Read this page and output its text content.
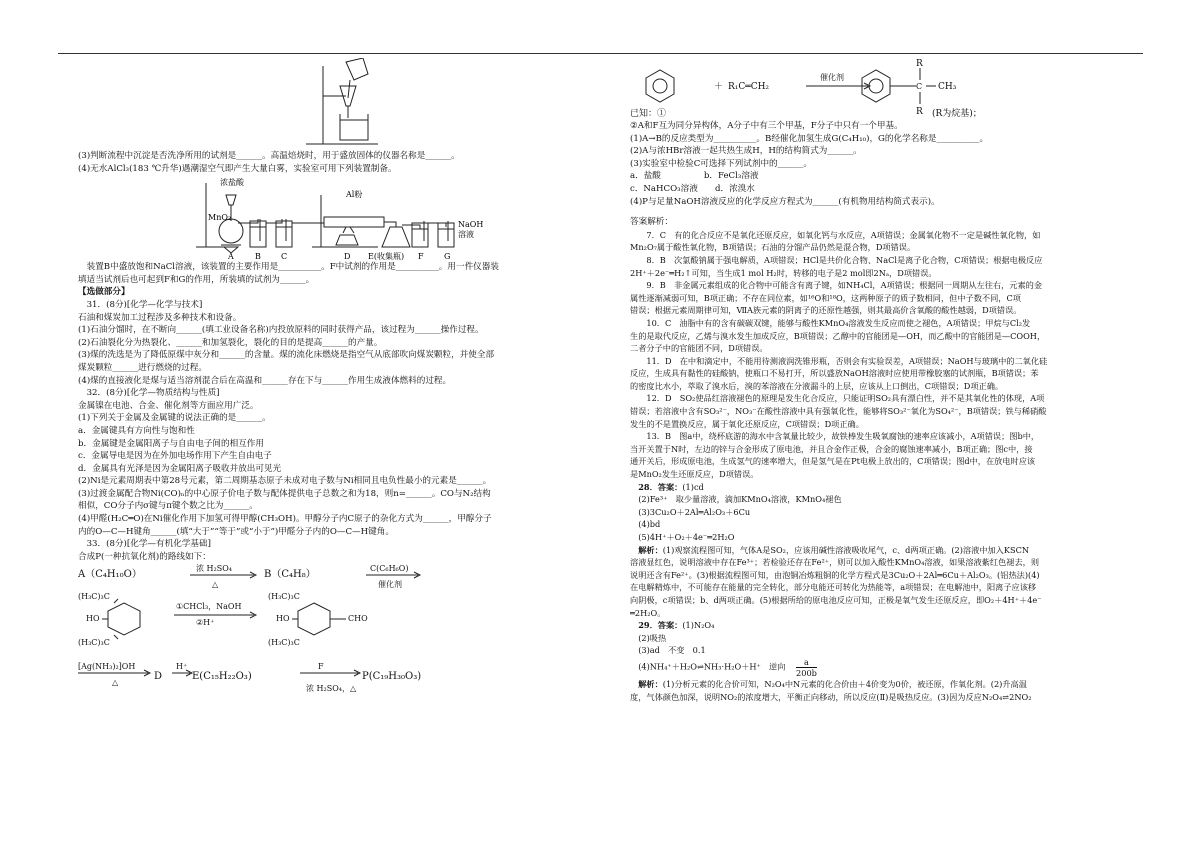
(3)判断流程中沉淀是否洗净所用的试剂是______。高温焙烧时，用于盛放固体的仪器名称是______。
(4)无水AlCl₃(183 ℃升华)遇潮湿空气即产生大量白雾，实验室可用下列装置制备。
浓盐酸
MnO₂
Al粉
NaOH
溶液
A	B	C	D E(收集瓶) F	G
装置B中盛放饱和NaCl溶液，该装置的主要作用是__________。F中试剂的作用是__________。用一件仪器装
填适当试剂后也可起到F和G的作用，所装填的试剂为______。
【选做部分】
31．(8分)[化学—化学与技术]
石油和煤炭加工过程涉及多种技术和设备。
(1)石油分馏时，在不断向______(填工业设备名称)内投放原料的同时获得产品，该过程为______操作过程。
(2)石油裂化分为热裂化、______和加氢裂化，裂化的目的是提高______的产量。
(3)煤的洗选是为了降低原煤中灰分和______的含量。煤的流化床燃烧是指空气从底部吹向煤炭颗粒，并使全部
煤炭颗粒______进行燃烧的过程。
(4)煤的直接液化是煤与适当溶剂混合后在高温和______存在下与______作用生成液体燃料的过程。
32．(8分)[化学—物质结构与性质]
金属镍在电池、合金、催化剂等方面应用广泛。
(1)下列关于金属及金属键的说法正确的是______。
a．金属键具有方向性与饱和性
b．金属键是金属阳离子与自由电子间的相互作用
c．金属导电是因为在外加电场作用下产生自由电子
d．金属具有光泽是因为金属阳离子吸收并放出可见光
(2)Ni是元素周期表中第28号元素，第二周期基态原子未成对电子数与Ni相同且电负性最小的元素是______。
(3)过渡金属配合物Ni(CO)ₙ的中心原子价电子数与配体提供电子总数之和为18，则n=______。CO与N₂结构
相似，CO分子内σ键与π键个数之比为______。
(4)甲醛(H₂C═O)在Ni催化作用下加氢可得甲醇(CH₃OH)。甲醇分子内C原子的杂化方式为______，甲醇分子
内的O—C—H键角______(填“大于”“等于”或“小于”)甲醛分子内的O—C—H键角。
33．(8分)[化学—有机化学基础]
合成P(一种抗氧化剂)的路线如下：
A（C₄H₁₀O）
浓 H₂SO₄
△
B（C₄H₈）
C(C₆H₆O)
催化剂
(H₃C)₃C
HO
(H₃C)₃C
①CHCl₃，NaOH
②H⁺
(H₃C)₃C
HO
(H₃C)₃C
CHO
[Ag(NH₃)₂]OH
△
D
H⁺
E(C₁₅H₂₂O₃)
F
浓 H₂SO₄，△
P(C₁₉H₃₀O₃)
＋ R₁C═CH₂
催化剂
R
C
R
CH₃
已知：①	(R为烷基)；
②A和F互为同分异构体，A分子中有三个甲基，F分子中只有一个甲基。
(1)A→B的反应类型为__________。B经催化加氢生成G(C₄H₁₀)，G的化学名称是__________。
(2)A与浓HBr溶液一起共热生成H，H的结构简式为______。
(3)实验室中检验C可选择下列试剂中的______。
a．盐酸　　　　　b．FeCl₃溶液
c．NaHCO₃溶液　　d．浓溴水
(4)P与足量NaOH溶液反应的化学反应方程式为______(有机物用结构简式表示)。
答案解析：
　　7．C　有的化合反应不是氧化还原反应，如氧化钙与水反应，A项错误；金属氧化物不一定是碱性氧化物，如
Mn₂O₇属于酸性氧化物，B项错误；石油的分馏产品仍然是混合物，D项错误。
　　8．B　次氯酸钠属于强电解质，A项错误；HCl是共价化合物、NaCl是离子化合物，C项错误；根据电极反应
2H⁺＋2e⁻═H₂↑可知，当生成1 mol H₂时，转移的电子是2 mol即2Nₐ，D项错误。
　　9．B　非金属元素组成的化合物中可能含有离子键，如NH₄Cl，A项错误；根据同一周期从左往右，元素的金
属性逐渐减弱可知，B项正确；不存在同位素，如¹⁶O和¹⁸O，这两种原子的质子数相同，但中子数不同，C项
错误；根据元素周期律可知，ⅦA族元素的阴离子的还原性越强，则其最高价含氧酸的酸性越弱，D项错误。
　　10．C　油脂中有的含有碳碳双键，能够与酸性KMnO₄溶液发生反应而使之褪色，A项错误；甲烷与Cl₂发
生的是取代反应，乙烯与溴水发生加成反应，B项错误；乙醇中的官能团是—OH，而乙酸中的官能团是—COOH，
二者分子中的官能团不同，D项错误。
　　11．D　在中和滴定中，不能用待测液润洗锥形瓶，否则会有实验误差，A项错误；NaOH与玻璃中的二氧化硅
反应，生成具有黏性的硅酸钠，使瓶口不易打开，所以盛放NaOH溶液时应使用带橡胶塞的试剂瓶，B项错误；苯
的密度比水小，萃取了溴水后，溴的苯溶液在分液漏斗的上层，应该从上口倒出，C项错误；D项正确。
　　12．D　SO₂使品红溶液褪色的原理是发生化合反应，只能证明SO₂具有漂白性，并不是其氧化性的体现，A项
错误；若溶液中含有SO₃²⁻，NO₃⁻在酸性溶液中具有强氧化性，能够将SO₃²⁻氧化为SO₄²⁻，B项错误；铁与稀硝酸
发生的不是置换反应，属于氧化还原反应，C项错误；D项正确。
　　13．B　图a中，绕杯底游的海水中含氧量比较少，故铁棒发生吸氧腐蚀的速率应该减小，A项错误；图b中，
当开关置于N时，左边的锌与合金形成了原电池，并且合金作正极，合金的腐蚀速率减小，B项正确；图c中，接
通开关后，形成原电池，生成氢气的速率增大，但是氢气是在Pt电极上放出的，C项错误；图d中，在放电时应该
是MnO₂发生还原反应，D项错误。
28．答案：(1)cd
(2)Fe³⁺　取少量溶液，滴加KMnO₄溶液，KMnO₄褪色
(3)3Cu₂O＋2Al═Al₂O₃＋6Cu
(4)bd
(5)4H⁺＋O₂＋4e⁻═2H₂O
解析：(1)观察流程图可知，气体A是SO₂，应该用碱性溶液吸收尾气，c、d两项正确。(2)溶液中加入KSCN
溶液显红色，说明溶液中存在Fe³⁺；若检验还存在Fe²⁺，则可以加入酸性KMnO₄溶液，如果溶液紫红色褪去，则
说明还含有Fe²⁺。(3)根据流程图可知，由泡铜冶炼粗铜的化学方程式是3Cu₂O＋2Al═6Cu＋Al₂O₃。(铝热法)(4)
在电解精炼中，不可能存在能量的完全转化，部分电能还可转化为热能等，a项错误；在电解池中，阳离子应该移
向阴极，c项错误；b、d两项正确。(5)根据所给的原电池反应可知，正极是氧气发生还原反应，即O₂＋4H⁺＋4e⁻
═2H₂O。
29．答案：(1)N₂O₄
(2)吸热
(3)ad　不变　0.1
(4)NH₄⁺＋H₂O⇌NH₃·H₂O＋H⁺　逆向 $\frac{a}{200b}$
解析：(1)分析元素的化合价可知，N₂O₄中N元素的化合价由＋4价变为0价，被还原，作氧化剂。(2)升高温
度，气体颜色加深，说明NO₂的浓度增大，平衡正向移动，所以反应(Ⅱ)是吸热反应。(3)因为反应N₂O₄⇌2NO₂
